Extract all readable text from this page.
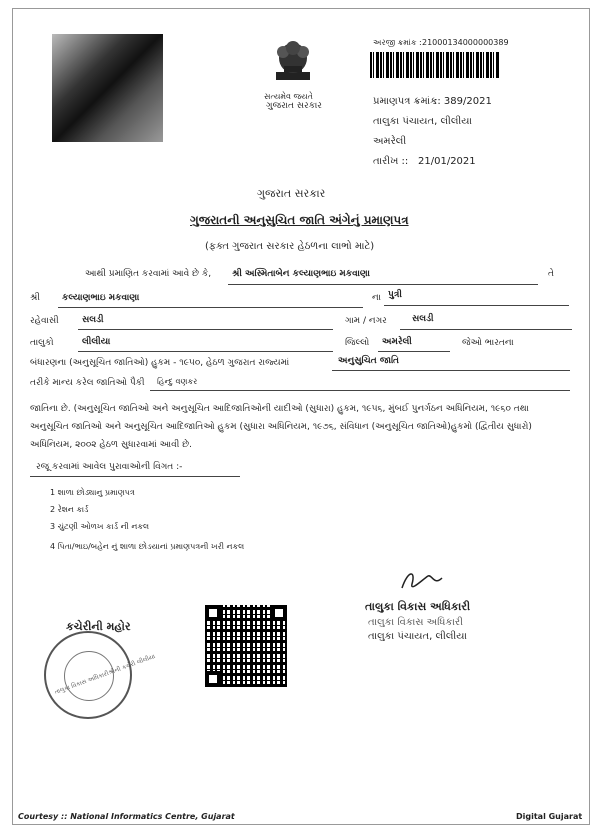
સત્યમેવ જયતે
ગુજરાત સરકાર
અરજી ક્રમાંક : 21000134000000389
પ્રમાણપત્ર ક્રમાંક
:: 389/2021
તાલુકા પંચાયત, લીલીયા
અમરેલી
તારીખ :: 21/01/2021
ગુજરાત સરકાર
ગુજરાતની અનુસુચિત જાતિ અંગેનું પ્રમાણપત્ર
(ફક્ત ગુજરાત સરકાર હેઠળના લાભો માટે)
આથી પ્રમાણિત કરવામાં આવે છે કે, શ્રી અસ્મિતાબેન કલ્યાણભાઇ મકવાણા	તે
શ્રી કલ્યાણભાઇ મકવાણા	ના પુત્રી
રહેવાસી	સલડી	ગામ / નગર	સલડી
તાલુકો	લીલીયા	જિલ્લો અમરેલી	જેઓ ભારતના
બંધારણના (અનુસૂચિત જાતિઓ) હુકમ - ૧૯૫૦, હેઠળ ગુજરાત રાજ્યમાં	અનુસુચિત જાતિ
તરીકે માન્ય કરેલ જાતિઓ પૈકી હિન્દુ વણકર
જાતિના છે. (અનુસૂચિત જાતિઓ અને અનુસૂચિત આદિજાતિઓની યાદીઓ (સુધારા) હુકમ, ૧૯૫૬, મુંબઈ પુનર્ગઠન અધિનિયમ, ૧૯૬૦ તથા
અનુસૂચિત જાતિઓ અને અનુસૂચિત આદિજાતિઓ હુકમ (સુધારા અધિનિયમ, ૧૯૭૬, સંવિધાન (અનુસૂચિત જાતિઓ)હુકમો (દ્વિતીય સુધારો)
અધિનિયમ, ૨૦૦૨ હેઠળ સુધારવામાં આવી છે.
રજૂ કરવામાં આવેલ પુરાવાઓની વિગત :-
1 શાળા છોડ્યાનુ પ્રમાણપત્ર
2 રેશન કાર્ડ
3 ચુંટણી ઓળખ કાર્ડ ની નકલ
4 પિતા/ભાઇ/બહેન નું શાળા છોડયાનાં પ્રમાણપત્રની ખરી નકલ
કચેરીની મહોર
તાલુકા વિકાસ અધિકારીશ્રીની કચેરી લીલીયા
તાલુકા વિકાસ અધિકારી
તાલુકા વિકાસ અધિકારી
તાલુકા પંચાયત, લીલીયા
Courtesy :: National Informatics Centre, Gujarat	Digital Gujarat
